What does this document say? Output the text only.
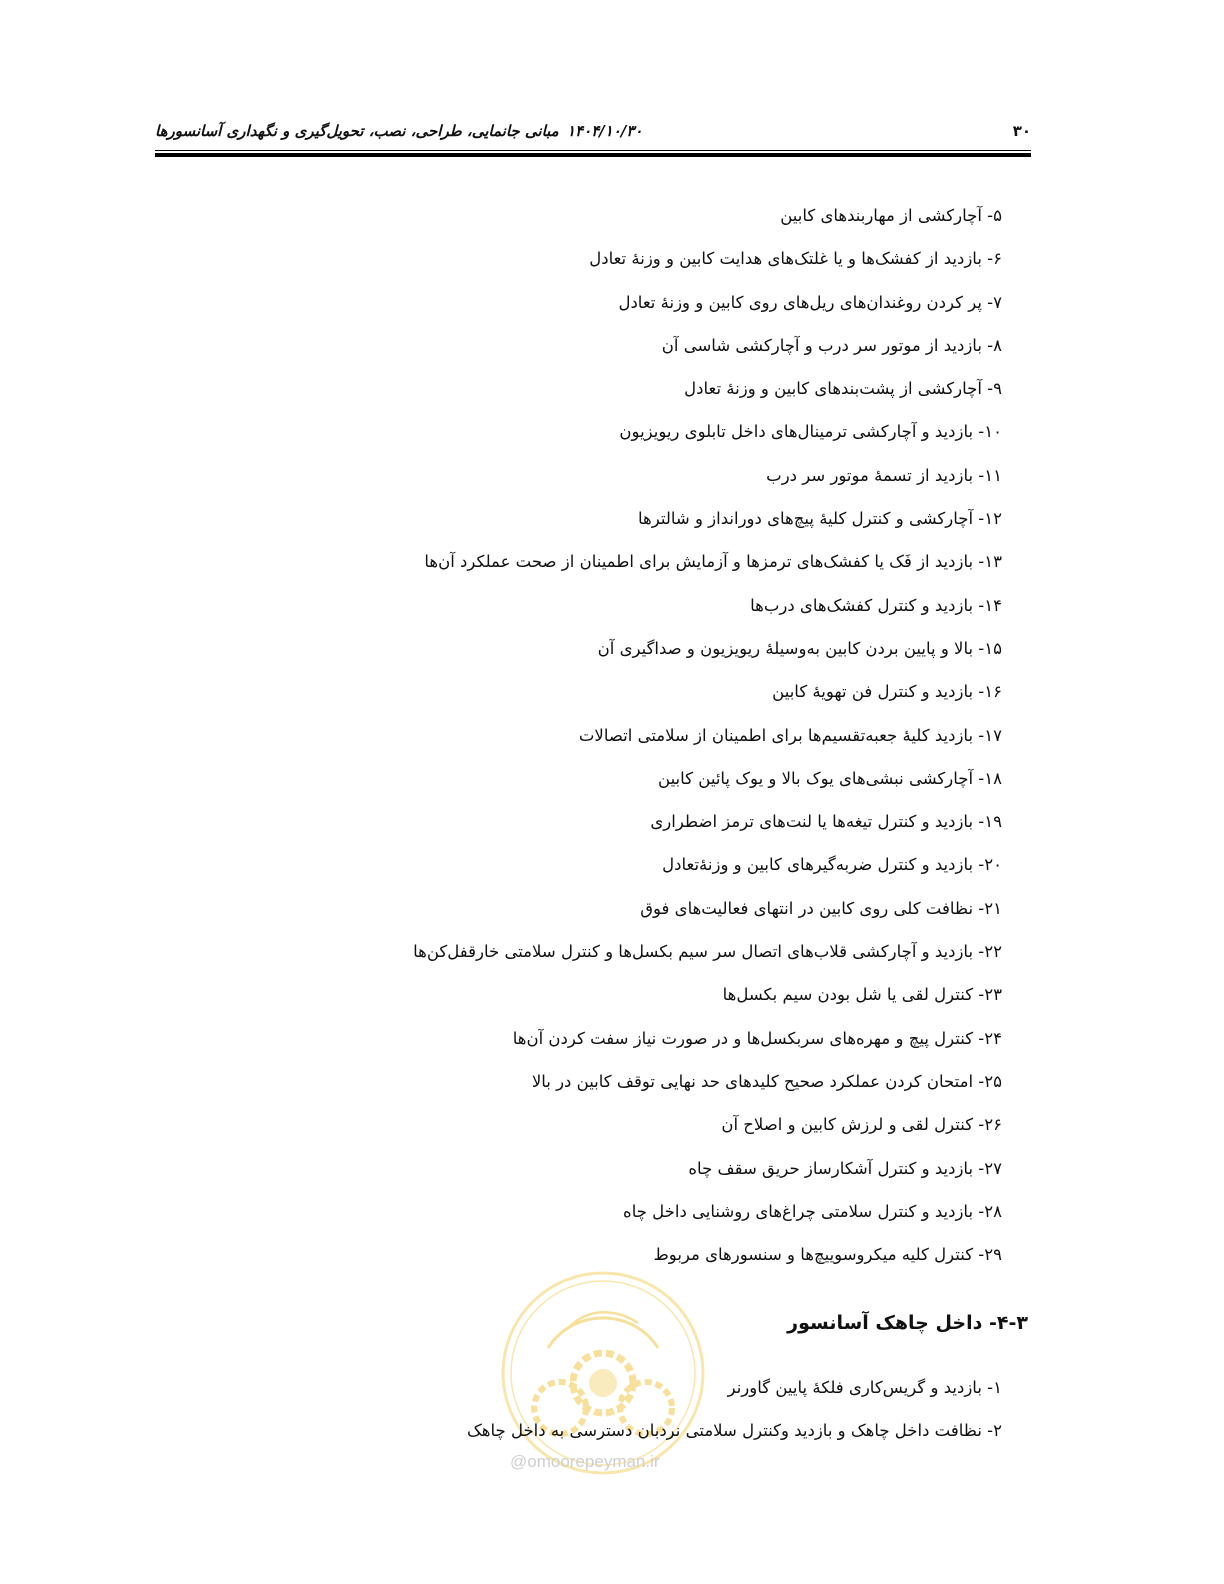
۳۰
۱۴۰۴/۱۰/۳۰
مبانی جانمایی، طراحی، نصب، تحویل‌گیری و نگهداری آسانسورها
۵- آچارکشی از مهاربندهای کابین
۶- بازدید از کفشک‌ها و یا غلتک‌های هدایت کابین و وزنهٔ تعادل
۷- پر کردن روغندان‌های ریل‌های روی کابین و وزنهٔ تعادل
۸- بازدید از موتور سر درب و آچارکشی شاسی آن
۹- آچارکشی از پشت‌بندهای کابین و وزنهٔ تعادل
۱۰- بازدید و آچارکشی ترمینال‌های داخل تابلوی ریویزیون
۱۱- بازدید از تسمهٔ موتور سر درب
۱۲- آچارکشی و کنترل کلیهٔ پیچ‌های دورانداز و شالترها
۱۳- بازدید از فَک یا کفشک‌های ترمزها و آزمایش برای اطمینان از صحت عملکرد آن‌ها
۱۴- بازدید و کنترل کفشک‌های درب‌ها
۱۵- بالا و پایین بردن کابین به‌وسیلهٔ ریویزیون و صداگیری آن
۱۶- بازدید و کنترل فن تهویهٔ کابین
۱۷- بازدید کلیهٔ جعبه‌تقسیم‌ها برای اطمینان از سلامتی اتصالات
۱۸- آچارکشی نبشی‌های یوک بالا و یوک پائین کابین
۱۹- بازدید و کنترل تیغه‌ها یا لنت‌های ترمز اضطراری
۲۰- بازدید و کنترل ضربه‌گیرهای کابین و وزنهٔ‌تعادل
۲۱- نظافت کلی روی کابین در انتهای فعالیت‌های فوق
۲۲- بازدید و آچارکشی قلاب‌های اتصال سر سیم بکسل‌ها و کنترل سلامتی خارقفل‌کن‌ها
۲۳- کنترل لقی یا شل بودن سیم بکسل‌ها
۲۴- کنترل پیچ و مهره‌های سربکسل‌ها و در صورت نیاز سفت کردن آن‌ها
۲۵- امتحان کردن عملکرد صحیح کلیدهای حد نهایی توقف کابین در بالا
۲۶- کنترل لقی و لرزش کابین و اصلاح آن
۲۷- بازدید و کنترل آشکارساز حریق سقف چاه
۲۸- بازدید و کنترل سلامتی چراغ‌های روشنایی داخل چاه
۲۹- کنترل کلیه میکروسوییچ‌ها و سنسورهای مربوط
@omoorepeyman.ir
۴-۳- داخل چاهک آسانسور
۱- بازدید و گریس‌کاری فلکهٔ پایین گاورنر
۲- نظافت داخل چاهک و بازدید وکنترل سلامتی نردبان دسترسی به داخل چاهک
